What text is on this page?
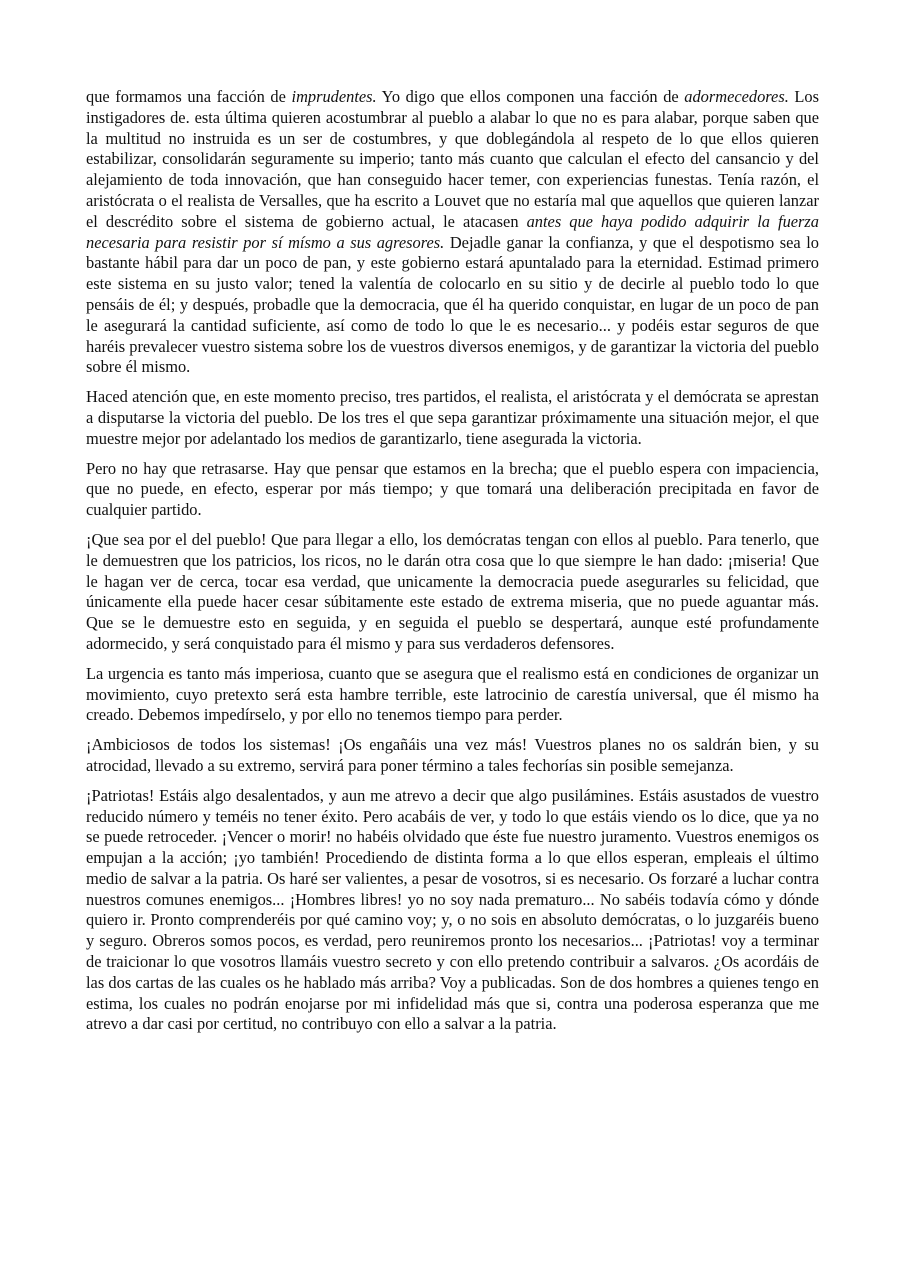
que formamos una facción de imprudentes. Yo digo que ellos componen una facción de adormecedores. Los instigadores de. esta última quieren acostumbrar al pueblo a alabar lo que no es para alabar, porque saben que la multitud no instruida es un ser de costumbres, y que doblegándola al respeto de lo que ellos quieren estabilizar, consolidarán seguramente su imperio; tanto más cuanto que calculan el efecto del cansancio y del alejamiento de toda innovación, que han conseguido hacer temer, con experiencias funestas. Tenía razón, el aristócrata o el realista de Versalles, que ha escrito a Louvet que no estaría mal que aquellos que quieren lanzar el descrédito sobre el sistema de gobierno actual, le atacasen antes que haya podido adquirir la fuerza necesaria para resistir por sí mísmo a sus agresores. Dejadle ganar la confianza, y que el despotismo sea lo bastante hábil para dar un poco de pan, y este gobierno estará apuntalado para la eternidad. Estimad primero este sistema en su justo valor; tened la valentía de colocarlo en su sitio y de decirle al pueblo todo lo que pensáis de él; y después, probadle que la democracia, que él ha querido conquistar, en lugar de un poco de pan le asegurará la cantidad suficiente, así como de todo lo que le es necesario... y podéis estar seguros de que haréis prevalecer vuestro sistema sobre los de vuestros diversos enemigos, y de garantizar la victoria del pueblo sobre él mismo.

Haced atención que, en este momento preciso, tres partidos, el realista, el aristócrata y el demócrata se aprestan a disputarse la victoria del pueblo. De los tres el que sepa garantizar próximamente una situación mejor, el que muestre mejor por adelantado los medios de garantizarlo, tiene asegurada la victoria.

Pero no hay que retrasarse. Hay que pensar que estamos en la brecha; que el pueblo espera con impaciencia, que no puede, en efecto, esperar por más tiempo; y que tomará una deliberación precipitada en favor de cualquier partido.

¡Que sea por el del pueblo! Que para llegar a ello, los demócratas tengan con ellos al pueblo. Para tenerlo, que le demuestren que los patricios, los ricos, no le darán otra cosa que lo que siempre le han dado: ¡miseria! Que le hagan ver de cerca, tocar esa verdad, que unicamente la democracia puede asegurarles su felicidad, que únicamente ella puede hacer cesar súbitamente este estado de extrema miseria, que no puede aguantar más. Que se le demuestre esto en seguida, y en seguida el pueblo se despertará, aunque esté profundamente adormecido, y será conquistado para él mismo y para sus verdaderos defensores.

La urgencia es tanto más imperiosa, cuanto que se asegura que el realismo está en condiciones de organizar un movimiento, cuyo pretexto será esta hambre terrible, este latrocinio de carestía universal, que él mismo ha creado. Debemos impedírselo, y por ello no tenemos tiempo para perder.

¡Ambiciosos de todos los sistemas! ¡Os engañáis una vez más! Vuestros planes no os saldrán bien, y su atrocidad, llevado a su extremo, servirá para poner término a tales fechorías sin posible semejanza.

¡Patriotas! Estáis algo desalentados, y aun me atrevo a decir que algo pusilámines. Estáis asustados de vuestro reducido número y teméis no tener éxito. Pero acabáis de ver, y todo lo que estáis viendo os lo dice, que ya no se puede retroceder. ¡Vencer o morir! no habéis olvidado que éste fue nuestro juramento. Vuestros enemigos os empujan a la acción; ¡yo también! Procediendo de distinta forma a lo que ellos esperan, empleais el último medio de salvar a la patria. Os haré ser valientes, a pesar de vosotros, si es necesario. Os forzaré a luchar contra nuestros comunes enemigos... ¡Hombres libres! yo no soy nada prematuro... No sabéis todavía cómo y dónde quiero ir. Pronto comprenderéis por qué camino voy; y, o no sois en absoluto demócratas, o lo juzgaréis bueno y seguro. Obreros somos pocos, es verdad, pero reuniremos pronto los necesarios... ¡Patriotas! voy a terminar de traicionar lo que vosotros llamáis vuestro secreto y con ello pretendo contribuir a salvaros. ¿Os acordáis de las dos cartas de las cuales os he hablado más arriba? Voy a publicadas. Son de dos hombres a quienes tengo en estima, los cuales no podrán enojarse por mi infidelidad más que si, contra una poderosa esperanza que me atrevo a dar casi por certitud, no contribuyo con ello a salvar a la patria.
